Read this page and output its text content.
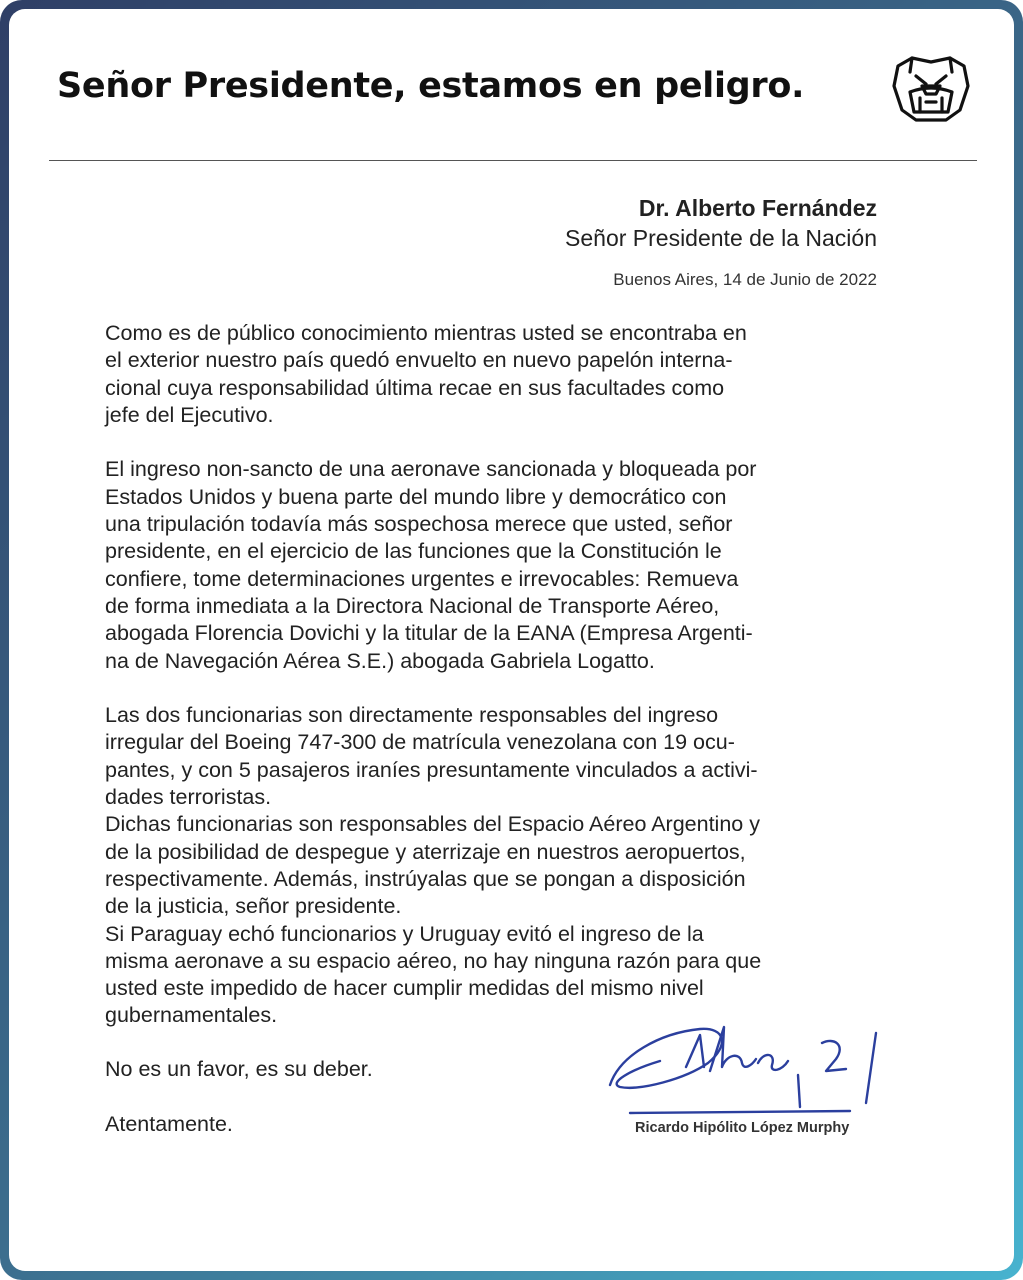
Señor Presidente, estamos en peligro.
Dr. Alberto Fernández
Señor Presidente de la Nación
Buenos Aires, 14 de Junio de 2022
Como es de público conocimiento mientras usted se encontraba en
el exterior nuestro país quedó envuelto en nuevo papelón interna-
cional cuya responsabilidad última recae en sus facultades como
jefe del Ejecutivo.
El ingreso non-sancto de una aeronave sancionada y bloqueada por
Estados Unidos y buena parte del mundo libre y democrático con
una tripulación todavía más sospechosa merece que usted, señor
presidente, en el ejercicio de las funciones que la Constitución le
confiere, tome determinaciones urgentes e irrevocables: Remueva
de forma inmediata a la Directora Nacional de Transporte Aéreo,
abogada Florencia Dovichi y la titular de la EANA (Empresa Argenti-
na de Navegación Aérea S.E.) abogada Gabriela Logatto.
Las dos funcionarias son directamente responsables del ingreso
irregular del Boeing 747-300 de matrícula venezolana con 19 ocu-
pantes, y con 5 pasajeros iraníes presuntamente vinculados a activi-
dades terroristas.
Dichas funcionarias son responsables del Espacio Aéreo Argentino y
de la posibilidad de despegue y aterrizaje en nuestros aeropuertos,
respectivamente. Además, instrúyalas que se pongan a disposición
de la justicia, señor presidente.
Si Paraguay echó funcionarios y Uruguay evitó el ingreso de la
misma aeronave a su espacio aéreo, no hay ninguna razón para que
usted este impedido de hacer cumplir medidas del mismo nivel
gubernamentales.
No es un favor, es su deber.
Atentamente.	Ricardo Hipólito López Murphy
